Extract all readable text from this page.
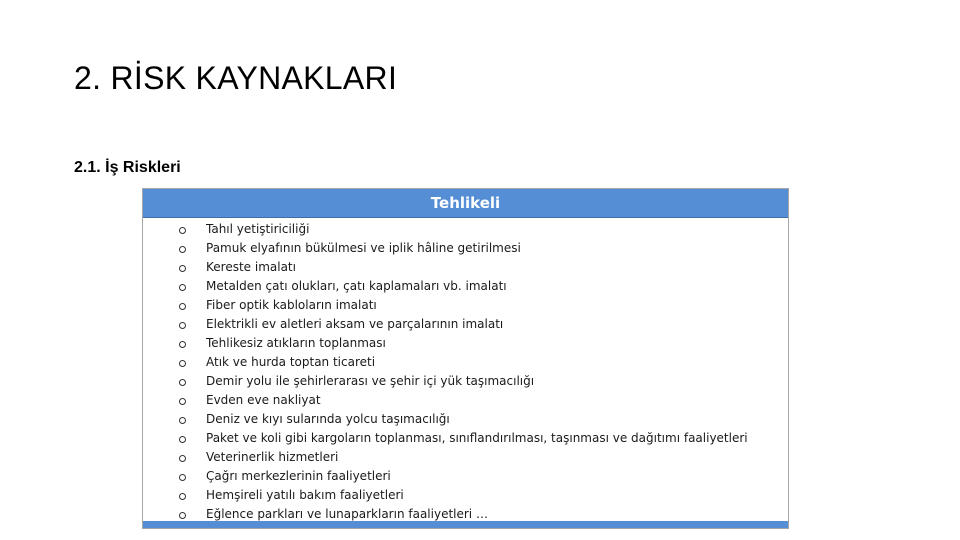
2. RİSK KAYNAKLARI
2.1. İş Riskleri
Tehlikeli
Tahıl yetiştiriciliği
Pamuk elyafının bükülmesi ve iplik hâline getirilmesi
Kereste imalatı
Metalden çatı olukları, çatı kaplamaları vb. imalatı
Fiber optik kabloların imalatı
Elektrikli ev aletleri aksam ve parçalarının imalatı
Tehlikesiz atıkların toplanması
Atık ve hurda toptan ticareti
Demir yolu ile şehirlerarası ve şehir içi yük taşımacılığı
Evden eve nakliyat
Deniz ve kıyı sularında yolcu taşımacılığı
Paket ve koli gibi kargoların toplanması, sınıflandırılması, taşınması ve dağıtımı faaliyetleri
Veterinerlik hizmetleri
Çağrı merkezlerinin faaliyetleri
Hemşireli yatılı bakım faaliyetleri
Eğlence parkları ve lunaparkların faaliyetleri …
